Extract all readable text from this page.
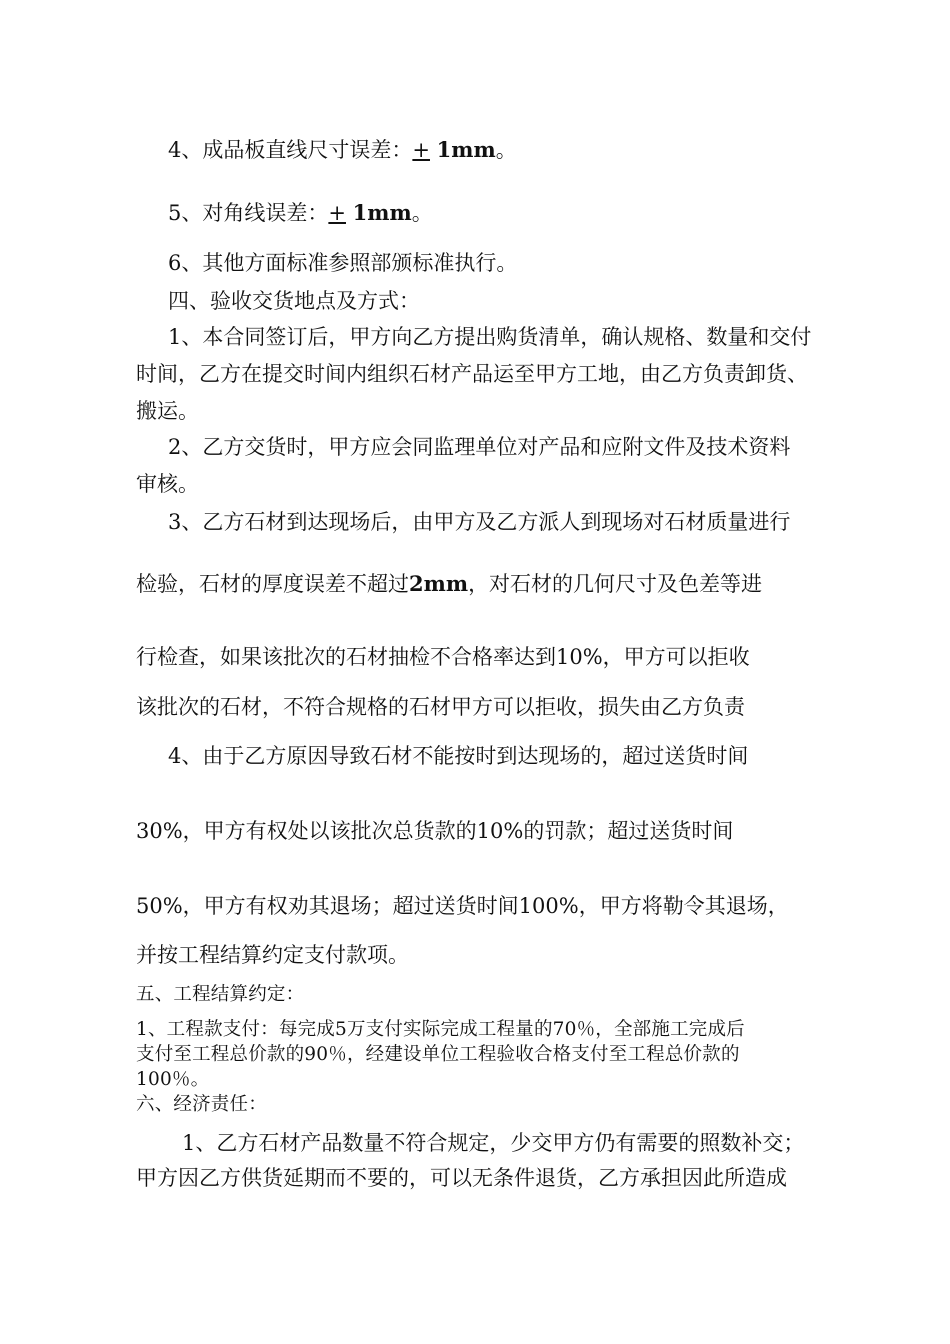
4、成品板直线尺寸误差：+ 1mm。
5、对角线误差：+ 1mm。
6、其他方面标准参照部颁标准执行。
四、验收交货地点及方式：
1、本合同签订后，甲方向乙方提出购货清单，确认规格、数量和交付
时间，乙方在提交时间内组织石材产品运至甲方工地，由乙方负责卸货、
搬运。
2、乙方交货时，甲方应会同监理单位对产品和应附文件及技术资料
审核。
3、乙方石材到达现场后，由甲方及乙方派人到现场对石材质量进行
检验，石材的厚度误差不超过2mm，对石材的几何尺寸及色差等进
行检查，如果该批次的石材抽检不合格率达到10%，甲方可以拒收
该批次的石材，不符合规格的石材甲方可以拒收，损失由乙方负责
4、由于乙方原因导致石材不能按时到达现场的，超过送货时间
30%，甲方有权处以该批次总货款的10%的罚款；超过送货时间
50%，甲方有权劝其退场；超过送货时间100%，甲方将勒令其退场，
并按工程结算约定支付款项。
五、工程结算约定：
1、工程款支付：每完成5万支付实际完成工程量的70％，全部施工完成后
支付至工程总价款的90％，经建设单位工程验收合格支付至工程总价款的
100％。
六、经济责任：
1、乙方石材产品数量不符合规定，少交甲方仍有需要的照数补交；
甲方因乙方供货延期而不要的，可以无条件退货，乙方承担因此所造成
